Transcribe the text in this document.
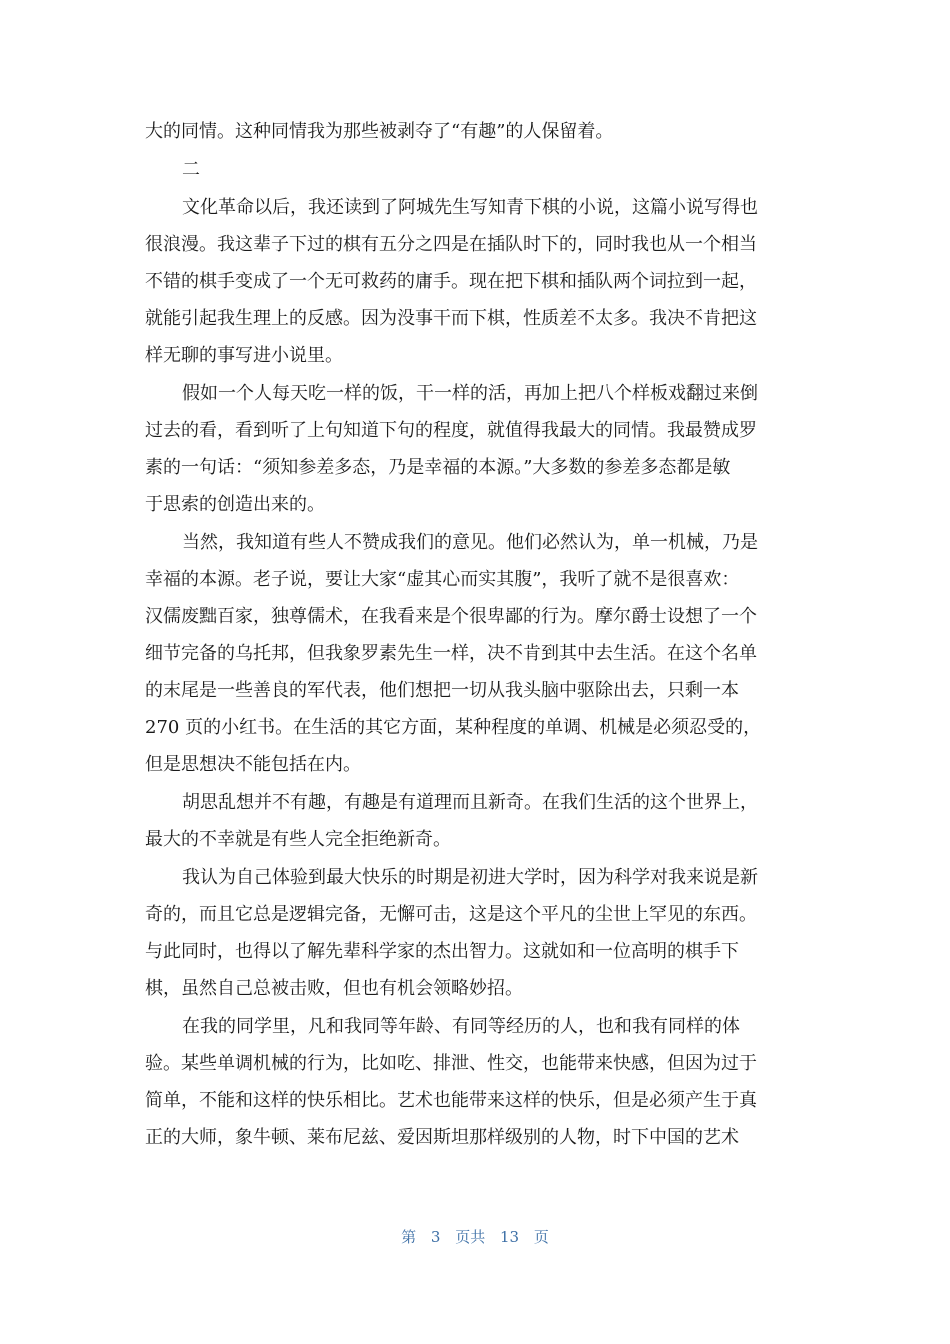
大的同情。这种同情我为那些被剥夺了“有趣”的人保留着。
二
文化革命以后，我还读到了阿城先生写知青下棋的小说，这篇小说写得也
很浪漫。我这辈子下过的棋有五分之四是在插队时下的，同时我也从一个相当
不错的棋手变成了一个无可救药的庸手。现在把下棋和插队两个词拉到一起，
就能引起我生理上的反感。因为没事干而下棋，性质差不太多。我决不肯把这
样无聊的事写进小说里。
假如一个人每天吃一样的饭，干一样的活，再加上把八个样板戏翻过来倒
过去的看，看到听了上句知道下句的程度，就值得我最大的同情。我最赞成罗
素的一句话：“须知参差多态，乃是幸福的本源。”大多数的参差多态都是敏
于思索的创造出来的。
当然，我知道有些人不赞成我们的意见。他们必然认为，单一机械，乃是
幸福的本源。老子说，要让大家“虚其心而实其腹”，我听了就不是很喜欢：
汉儒废黜百家，独尊儒术，在我看来是个很卑鄙的行为。摩尔爵士设想了一个
细节完备的乌托邦，但我象罗素先生一样，决不肯到其中去生活。在这个名单
的末尾是一些善良的军代表，他们想把一切从我头脑中驱除出去，只剩一本
270 页的小红书。在生活的其它方面，某种程度的单调、机械是必须忍受的，
但是思想决不能包括在内。
胡思乱想并不有趣，有趣是有道理而且新奇。在我们生活的这个世界上，
最大的不幸就是有些人完全拒绝新奇。
我认为自己体验到最大快乐的时期是初进大学时，因为科学对我来说是新
奇的，而且它总是逻辑完备，无懈可击，这是这个平凡的尘世上罕见的东西。
与此同时，也得以了解先辈科学家的杰出智力。这就如和一位高明的棋手下
棋，虽然自己总被击败，但也有机会领略妙招。
在我的同学里，凡和我同等年龄、有同等经历的人，也和我有同样的体
验。某些单调机械的行为，比如吃、排泄、性交，也能带来快感，但因为过于
简单，不能和这样的快乐相比。艺术也能带来这样的快乐，但是必须产生于真
正的大师，象牛顿、莱布尼兹、爱因斯坦那样级别的人物，时下中国的艺术
第 3 页共 13 页
